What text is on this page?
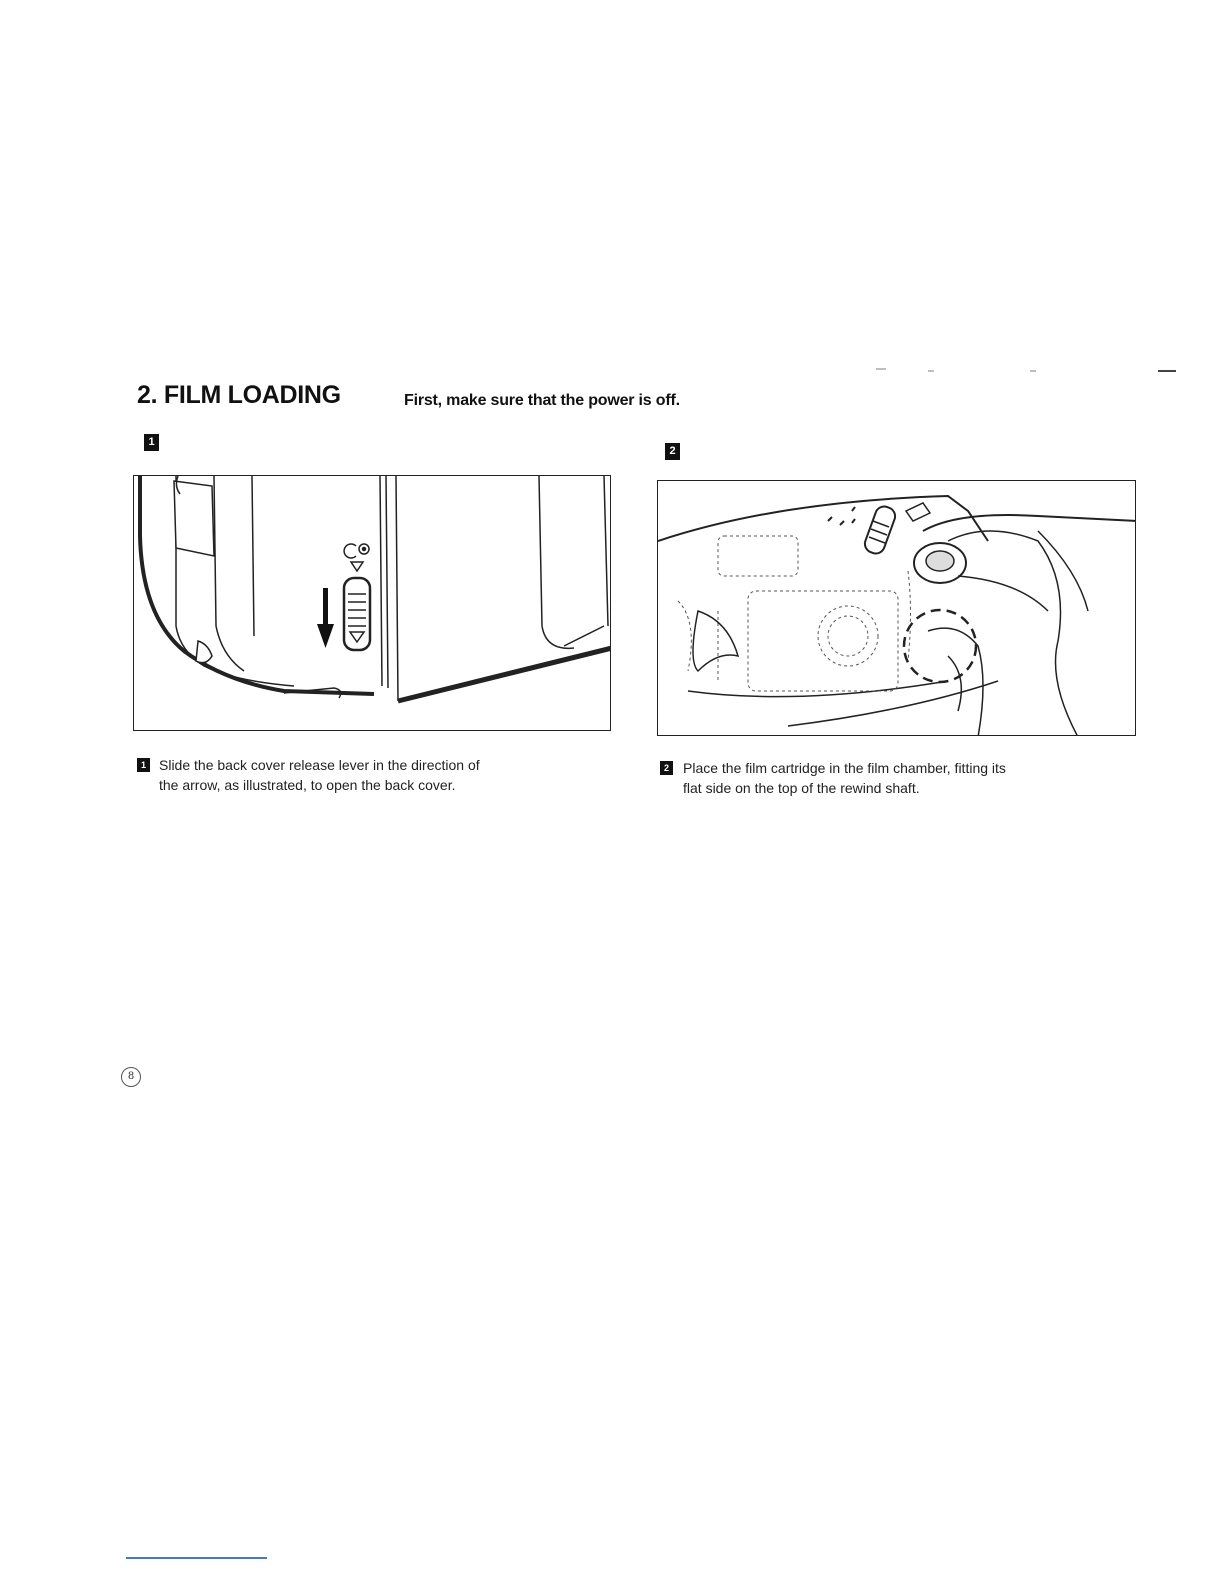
2. FILM LOADING	First, make sure that the power is off.
1
1 Slide the back cover release lever in the direction of
the arrow, as illustrated, to open the back cover.
2
2 Place the film cartridge in the film chamber, fitting its
flat side on the top of the rewind shaft.
8
